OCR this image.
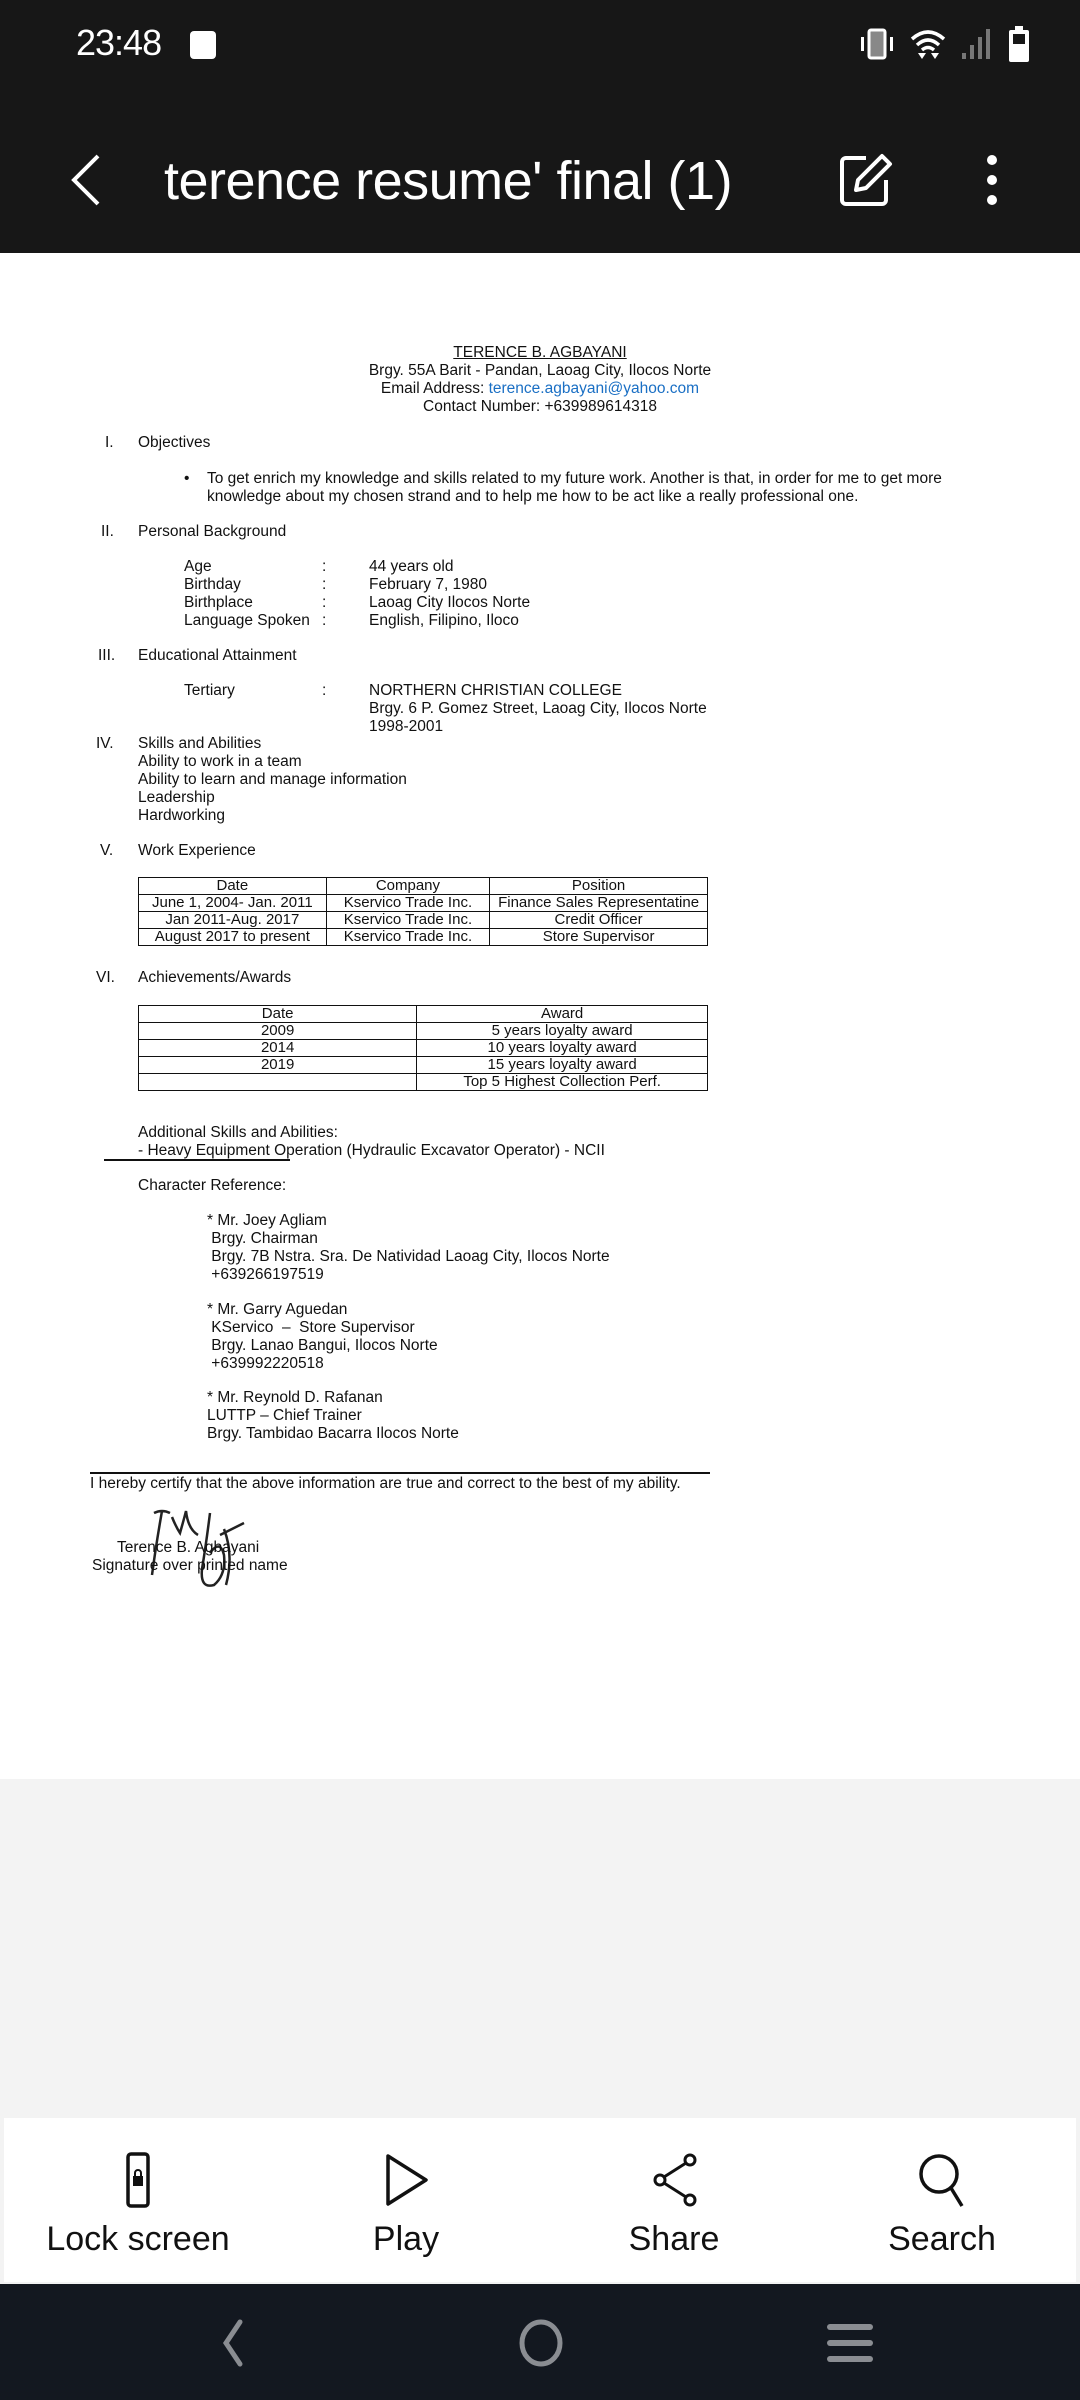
23:48
terence resume' final (1)
TERENCE B. AGBAYANI
Brgy. 55A Barit - Pandan, Laoag City, Ilocos Norte
Email Address: terence.agbayani@yahoo.com
Contact Number: +639989614318
I. Objectives
• To get enrich my knowledge and skills related to my future work. Another is that, in order for me to get more
knowledge about my chosen strand and to help me how to be act like a really professional one.
II. Personal Background
Age	:	44 years old
Birthday	:	February 7, 1980
Birthplace	:	Laoag City Ilocos Norte
Language Spoken :	English, Filipino, Iloco
III. Educational Attainment
Tertiary	:	NORTHERN CHRISTIAN COLLEGE
Brgy. 6 P. Gomez Street, Laoag City, Ilocos Norte
1998-2001
IV. Skills and Abilities
Ability to work in a team
Ability to learn and manage information
Leadership
Hardworking
V. Work Experience
Date	Company	Position
June 1, 2004- Jan. 2011	Kservico Trade Inc.	Finance Sales Representatine
Jan 2011-Aug. 2017	Kservico Trade Inc.	Credit Officer
August 2017 to present	Kservico Trade Inc.	Store Supervisor
VI. Achievements/Awards
Date	Award
2009	5 years loyalty award
2014	10 years loyalty award
2019	15 years loyalty award
	Top 5 Highest Collection Perf.
Additional Skills and Abilities:
- Heavy Equipment Operation (Hydraulic Excavator Operator) - NCII
Character Reference:
* Mr. Joey Agliam
Brgy. Chairman
Brgy. 7B Nstra. Sra. De Natividad Laoag City, Ilocos Norte
+639266197519
* Mr. Garry Aguedan
KServico  –  Store Supervisor
Brgy. Lanao Bangui, Ilocos Norte
+639992220518
* Mr. Reynold D. Rafanan
LUTTP – Chief Trainer
Brgy. Tambidao Bacarra Ilocos Norte
I hereby certify that the above information are true and correct to the best of my ability.
Terence B. Agbayani
Signature over printed name
Lock screen	Play	Share	Search
